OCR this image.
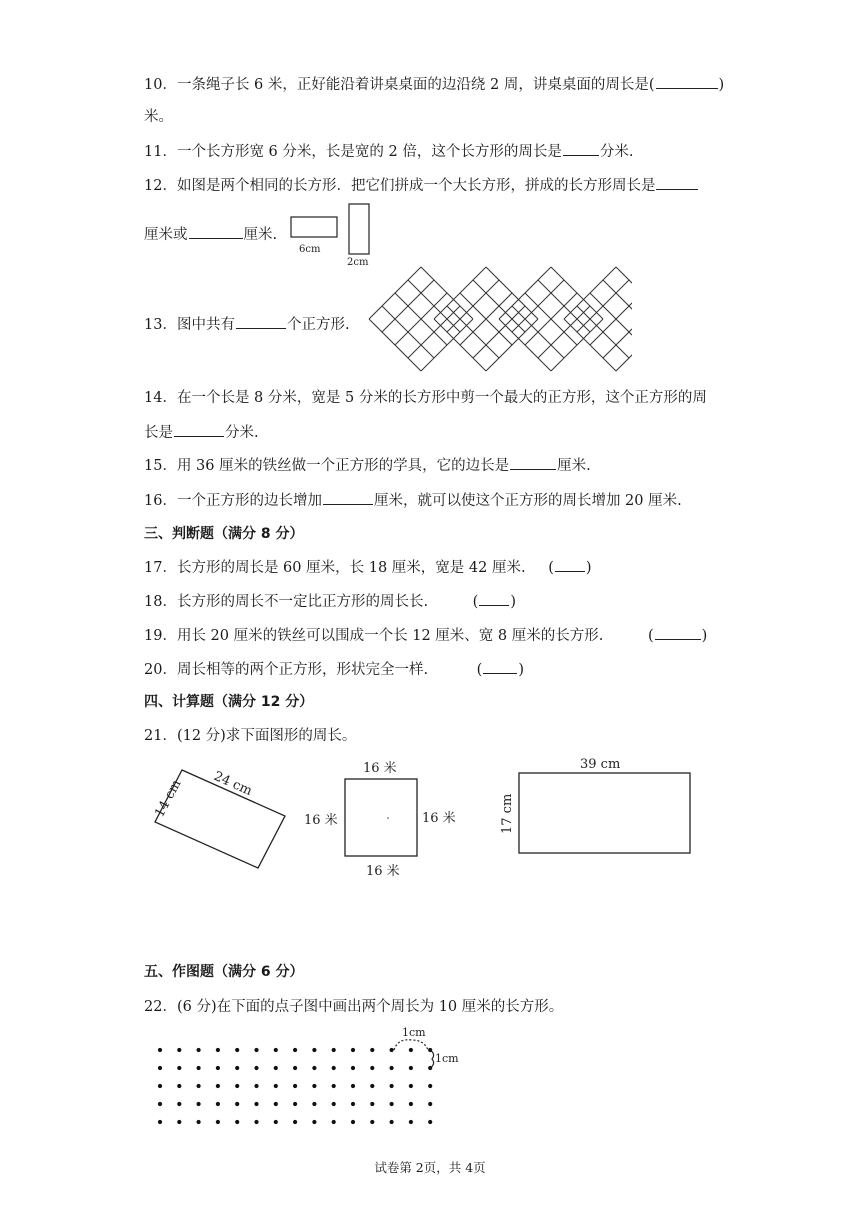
10．一条绳子长 6 米，正好能沿着讲桌桌面的边沿绕 2 周，讲桌桌面的周长是(	)
米。
11．一个长方形宽 6 分米，长是宽的 2 倍，这个长方形的周长是	分米.
12．如图是两个相同的长方形．把它们拼成一个大长方形，拼成的长方形周长是
厘米或	厘米.
6cm
2cm
13．图中共有	个正方形.
14．在一个长是 8 分米，宽是 5 分米的长方形中剪一个最大的正方形，这个正方形的周
长是	分米.
15．用 36 厘米的铁丝做一个正方形的学具，它的边长是	厘米.
16．一个正方形的边长增加	厘米，就可以使这个正方形的周长增加 20 厘米.
三、判断题（满分 8 分）
17．长方形的周长是 60 厘米，长 18 厘米，宽是 42 厘米. ( )
18．长方形的周长不一定比正方形的周长长.	( )
19．用长 20 厘米的铁丝可以围成一个长 12 厘米、宽 8 厘米的长方形.	(	)
20．周长相等的两个正方形，形状完全一样.	( )
四、计算题（满分 12 分）
21．(12 分)求下面图形的周长。
14 cm 24 cm
16 米
16 米
16 米	16 米
39 cm
17 cm
五、作图题（满分 6 分）
22．(6 分)在下面的点子图中画出两个周长为 10 厘米的长方形。
1cm
1cm
试卷第 2页，共 4页
